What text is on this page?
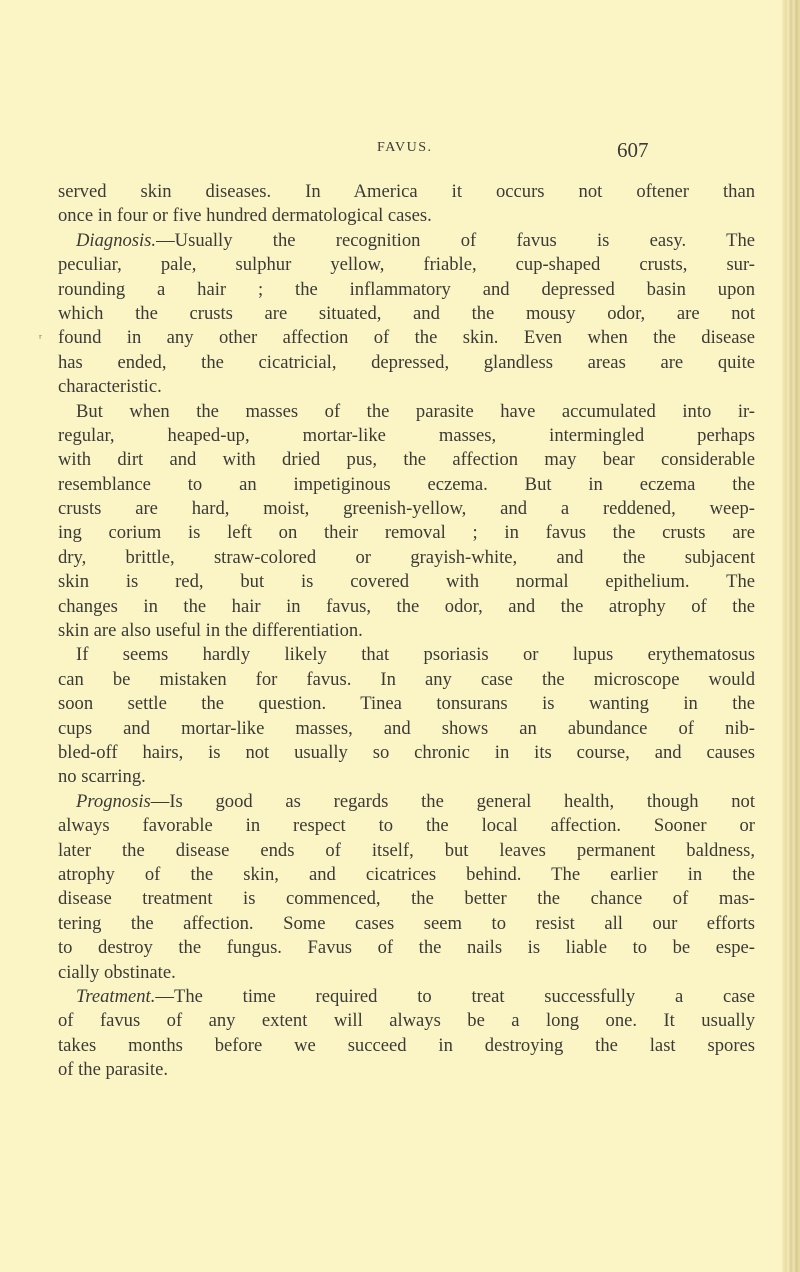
ʳ
FAVUS.	607
served skin diseases. In America it occurs not oftener than
once in four or five hundred dermatological cases.
Diagnosis.—Usually the recognition of favus is easy. The
peculiar, pale, sulphur yellow, friable, cup-shaped crusts, sur-
rounding a hair ; the inflammatory and depressed basin upon
which the crusts are situated, and the mousy odor, are not
found in any other affection of the skin. Even when the disease
has ended, the cicatricial, depressed, glandless areas are quite
characteristic.
But when the masses of the parasite have accumulated into ir-
regular, heaped-up, mortar-like masses, intermingled perhaps
with dirt and with dried pus, the affection may bear considerable
resemblance to an impetiginous eczema. But in eczema the
crusts are hard, moist, greenish-yellow, and a reddened, weep-
ing corium is left on their removal ; in favus the crusts are
dry, brittle, straw-colored or grayish-white, and the subjacent
skin is red, but is covered with normal epithelium. The
changes in the hair in favus, the odor, and the atrophy of the
skin are also useful in the differentiation.
If seems hardly likely that psoriasis or lupus erythematosus
can be mistaken for favus. In any case the microscope would
soon settle the question. Tinea tonsurans is wanting in the
cups and mortar-like masses, and shows an abundance of nib-
bled-off hairs, is not usually so chronic in its course, and causes
no scarring.
Prognosis—Is good as regards the general health, though not
always favorable in respect to the local affection. Sooner or
later the disease ends of itself, but leaves permanent baldness,
atrophy of the skin, and cicatrices behind. The earlier in the
disease treatment is commenced, the better the chance of mas-
tering the affection. Some cases seem to resist all our efforts
to destroy the fungus. Favus of the nails is liable to be espe-
cially obstinate.
Treatment.—The time required to treat successfully a case
of favus of any extent will always be a long one. It usually
takes months before we succeed in destroying the last spores
of the parasite.
